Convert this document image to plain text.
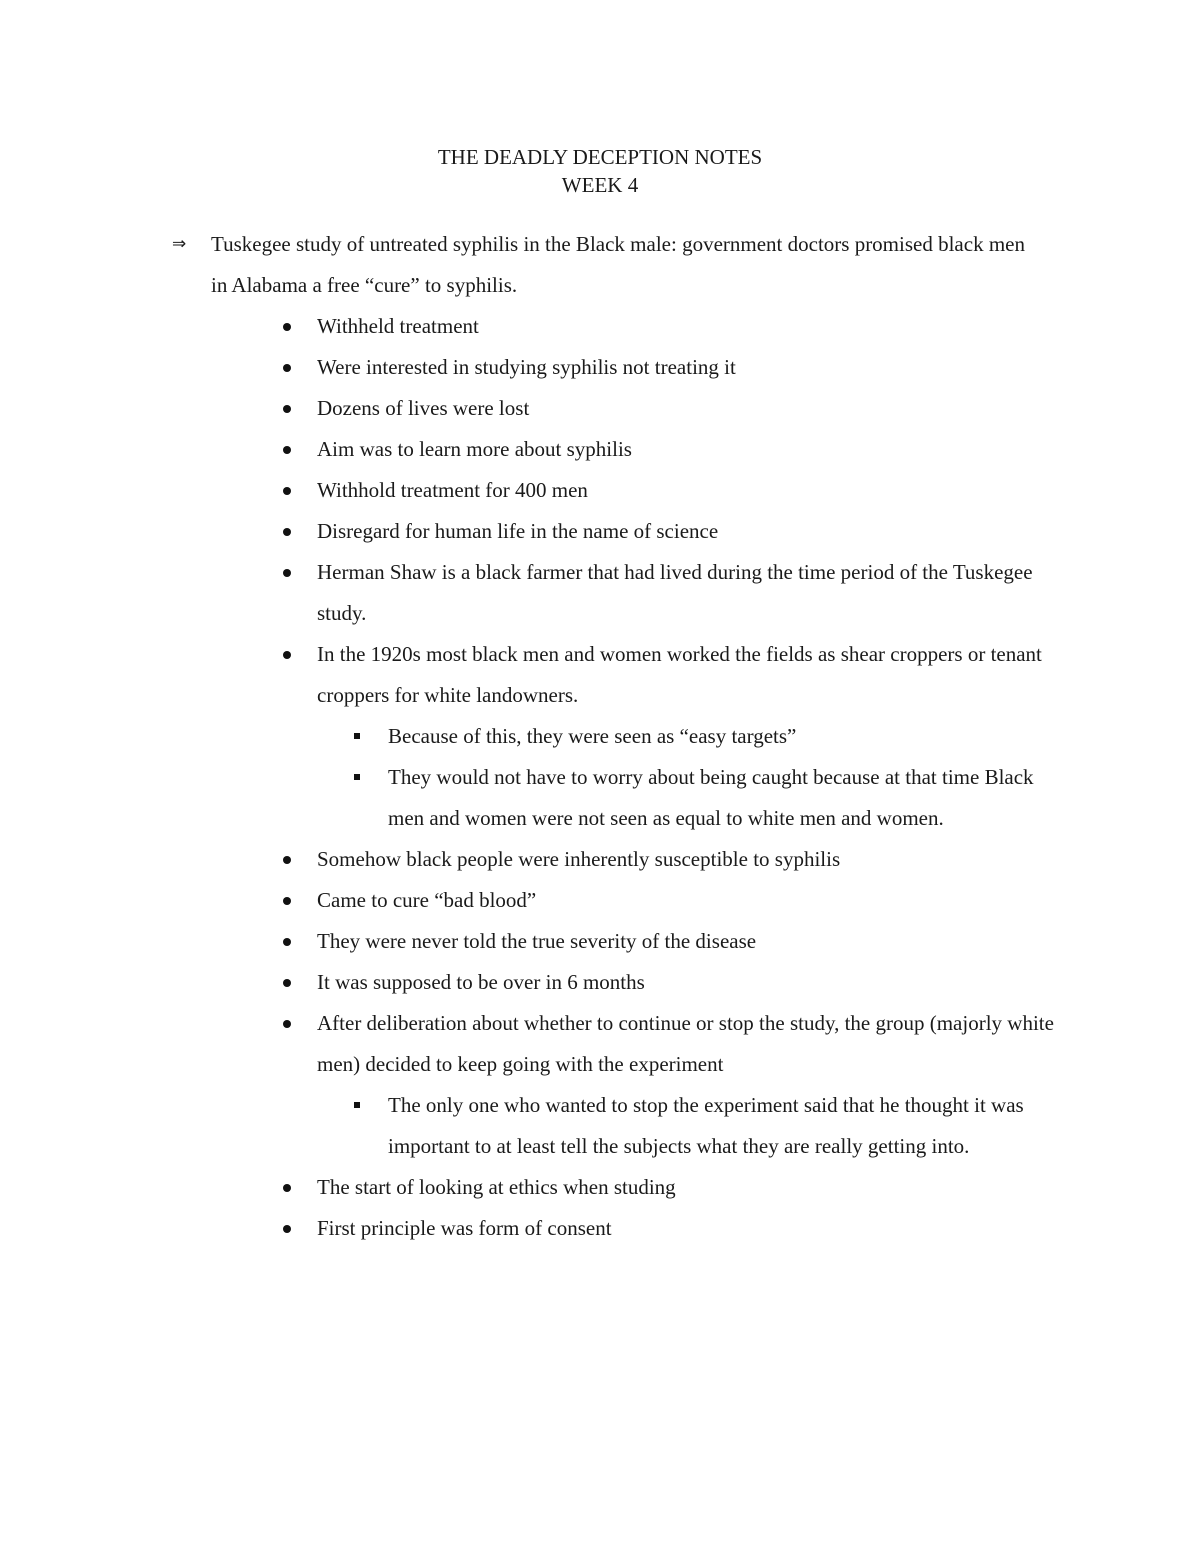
THE DEADLY DECEPTION NOTES
WEEK 4
⇒ Tuskegee study of untreated syphilis in the Black male: government doctors promised black men in Alabama a free “cure” to syphilis.
Withheld treatment
Were interested in studying syphilis not treating it
Dozens of lives were lost
Aim was to learn more about syphilis
Withhold treatment for 400 men
Disregard for human life in the name of science
Herman Shaw is a black farmer that had lived during the time period of the Tuskegee study.
In the 1920s most black men and women worked the fields as shear croppers or tenant croppers for white landowners.
Because of this, they were seen as “easy targets”
They would not have to worry about being caught because at that time Black men and women were not seen as equal to white men and women.
Somehow black people were inherently susceptible to syphilis
Came to cure “bad blood”
They were never told the true severity of the disease
It was supposed to be over in 6 months
After deliberation about whether to continue or stop the study, the group (majorly white men) decided to keep going with the experiment
The only one who wanted to stop the experiment said that he thought it was important to at least tell the subjects what they are really getting into.
The start of looking at ethics when studing
First principle was form of consent
